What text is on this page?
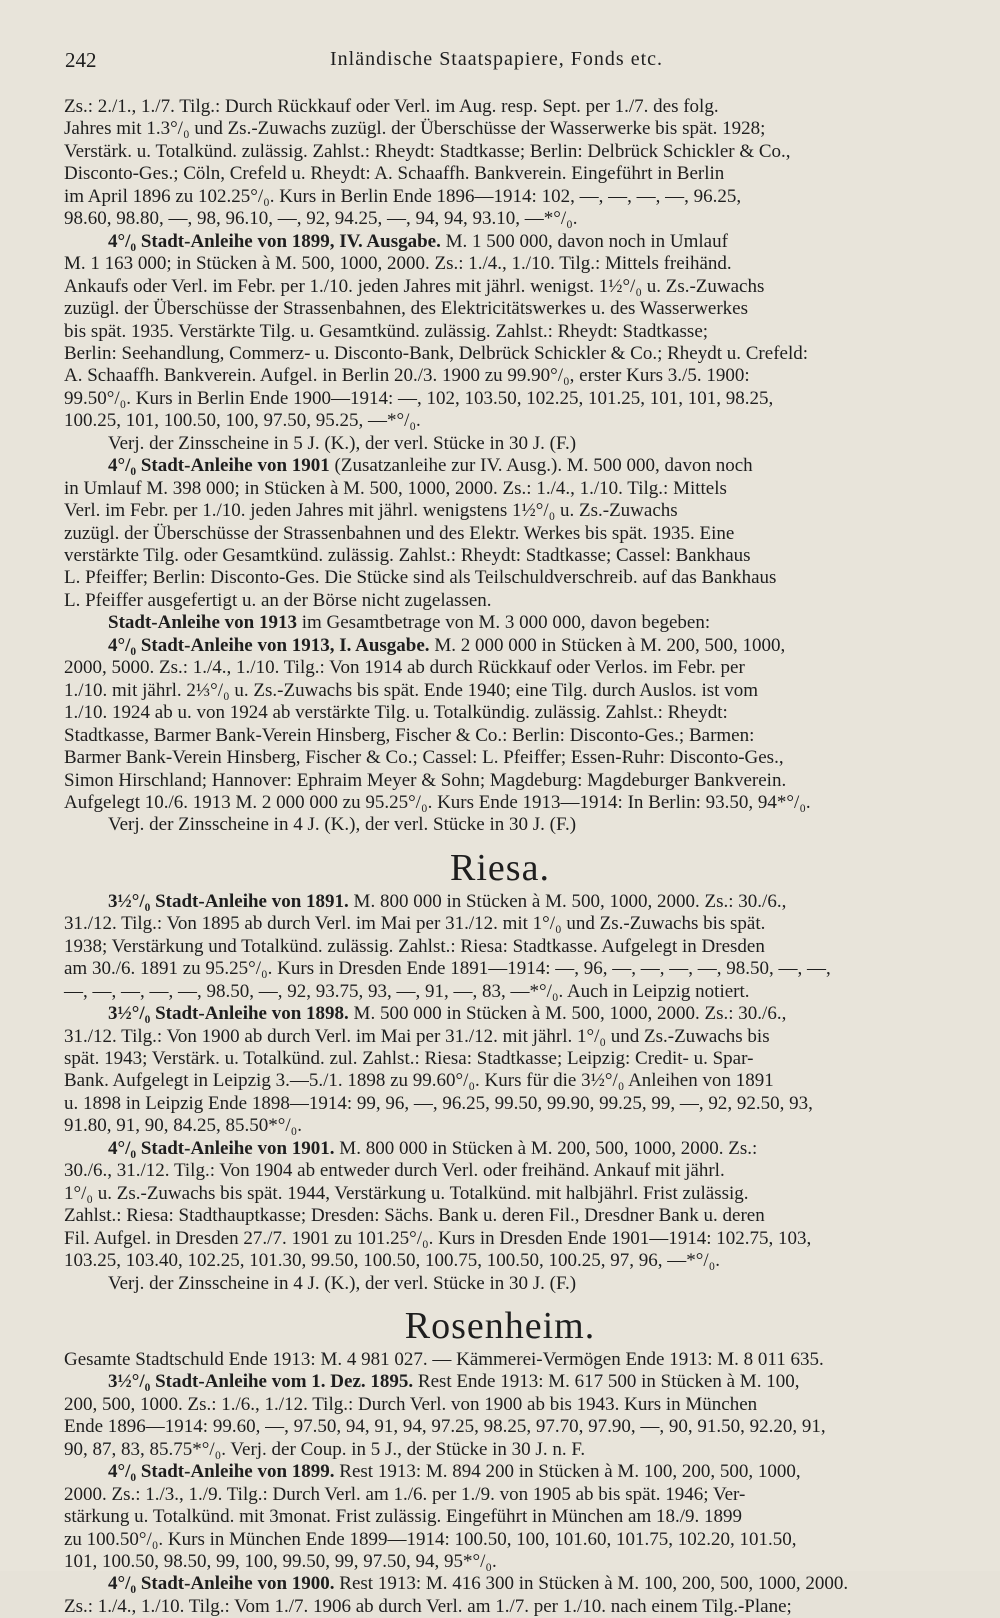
242	Inländische Staatspapiere, Fonds etc.
Zs.: 2./1., 1./7. Tilg.: Durch Rückkauf oder Verl. im Aug. resp. Sept. per 1./7. des folg.
Jahres mit 1.3°/₀ und Zs.-Zuwachs zuzügl. der Überschüsse der Wasserwerke bis spät. 1928;
Verstärk. u. Totalkünd. zulässig. Zahlst.: Rheydt: Stadtkasse; Berlin: Delbrück Schickler & Co.,
Disconto-Ges.; Cöln, Crefeld u. Rheydt: A. Schaaffh. Bankverein. Eingeführt in Berlin
im April 1896 zu 102.25°/₀. Kurs in Berlin Ende 1896—1914: 102, —, —, —, —, 96.25,
98.60, 98.80, —, 98, 96.10, —, 92, 94.25, —, 94, 94, 93.10, —*°/₀.
4°/₀ Stadt-Anleihe von 1899, IV. Ausgabe. M. 1 500 000, davon noch in Umlauf
M. 1 163 000; in Stücken à M. 500, 1000, 2000. Zs.: 1./4., 1./10. Tilg.: Mittels freihänd.
Ankaufs oder Verl. im Febr. per 1./10. jeden Jahres mit jährl. wenigst. 1½°/₀ u. Zs.-Zuwachs
zuzügl. der Überschüsse der Strassenbahnen, des Elektricitätswerkes u. des Wasserwerkes
bis spät. 1935. Verstärkte Tilg. u. Gesamtkünd. zulässig. Zahlst.: Rheydt: Stadtkasse;
Berlin: Seehandlung, Commerz- u. Disconto-Bank, Delbrück Schickler & Co.; Rheydt u. Crefeld:
A. Schaaffh. Bankverein. Aufgel. in Berlin 20./3. 1900 zu 99.90°/₀, erster Kurs 3./5. 1900:
99.50°/₀. Kurs in Berlin Ende 1900—1914: —, 102, 103.50, 102.25, 101.25, 101, 101, 98.25,
100.25, 101, 100.50, 100, 97.50, 95.25, —*°/₀.
Verj. der Zinsscheine in 5 J. (K.), der verl. Stücke in 30 J. (F.)
4°/₀ Stadt-Anleihe von 1901 (Zusatzanleihe zur IV. Ausg.). M. 500 000, davon noch
in Umlauf M. 398 000; in Stücken à M. 500, 1000, 2000. Zs.: 1./4., 1./10. Tilg.: Mittels
Verl. im Febr. per 1./10. jeden Jahres mit jährl. wenigstens 1½°/₀ u. Zs.-Zuwachs
zuzügl. der Überschüsse der Strassenbahnen und des Elektr. Werkes bis spät. 1935. Eine
verstärkte Tilg. oder Gesamtkünd. zulässig. Zahlst.: Rheydt: Stadtkasse; Cassel: Bankhaus
L. Pfeiffer; Berlin: Disconto-Ges. Die Stücke sind als Teilschuldverschreib. auf das Bankhaus
L. Pfeiffer ausgefertigt u. an der Börse nicht zugelassen.
Stadt-Anleihe von 1913 im Gesamtbetrage von M. 3 000 000, davon begeben:
4°/₀ Stadt-Anleihe von 1913, I. Ausgabe. M. 2 000 000 in Stücken à M. 200, 500, 1000,
2000, 5000. Zs.: 1./4., 1./10. Tilg.: Von 1914 ab durch Rückkauf oder Verlos. im Febr. per
1./10. mit jährl. 2⅓°/₀ u. Zs.-Zuwachs bis spät. Ende 1940; eine Tilg. durch Auslos. ist vom
1./10. 1924 ab u. von 1924 ab verstärkte Tilg. u. Totalkündig. zulässig. Zahlst.: Rheydt:
Stadtkasse, Barmer Bank-Verein Hinsberg, Fischer & Co.: Berlin: Disconto-Ges.; Barmen:
Barmer Bank-Verein Hinsberg, Fischer & Co.; Cassel: L. Pfeiffer; Essen-Ruhr: Disconto-Ges.,
Simon Hirschland; Hannover: Ephraim Meyer & Sohn; Magdeburg: Magdeburger Bankverein.
Aufgelegt 10./6. 1913 M. 2 000 000 zu 95.25°/₀. Kurs Ende 1913—1914: In Berlin: 93.50, 94*°/₀.
Verj. der Zinsscheine in 4 J. (K.), der verl. Stücke in 30 J. (F.)
Riesa.
3½°/₀ Stadt-Anleihe von 1891. M. 800 000 in Stücken à M. 500, 1000, 2000. Zs.: 30./6.,
31./12. Tilg.: Von 1895 ab durch Verl. im Mai per 31./12. mit 1°/₀ und Zs.-Zuwachs bis spät.
1938; Verstärkung und Totalkünd. zulässig. Zahlst.: Riesa: Stadtkasse. Aufgelegt in Dresden
am 30./6. 1891 zu 95.25°/₀. Kurs in Dresden Ende 1891—1914: —, 96, —, —, —, —, 98.50, —, —,
—, —, —, —, —, 98.50, —, 92, 93.75, 93, —, 91, —, 83, —*°/₀. Auch in Leipzig notiert.
3½°/₀ Stadt-Anleihe von 1898. M. 500 000 in Stücken à M. 500, 1000, 2000. Zs.: 30./6.,
31./12. Tilg.: Von 1900 ab durch Verl. im Mai per 31./12. mit jährl. 1°/₀ und Zs.-Zuwachs bis
spät. 1943; Verstärk. u. Totalkünd. zul. Zahlst.: Riesa: Stadtkasse; Leipzig: Credit- u. Spar-
Bank. Aufgelegt in Leipzig 3.—5./1. 1898 zu 99.60°/₀. Kurs für die 3½°/₀ Anleihen von 1891
u. 1898 in Leipzig Ende 1898—1914: 99, 96, —, 96.25, 99.50, 99.90, 99.25, 99, —, 92, 92.50, 93,
91.80, 91, 90, 84.25, 85.50*°/₀.
4°/₀ Stadt-Anleihe von 1901. M. 800 000 in Stücken à M. 200, 500, 1000, 2000. Zs.:
30./6., 31./12. Tilg.: Von 1904 ab entweder durch Verl. oder freihänd. Ankauf mit jährl.
1°/₀ u. Zs.-Zuwachs bis spät. 1944, Verstärkung u. Totalkünd. mit halbjährl. Frist zulässig.
Zahlst.: Riesa: Stadthauptkasse; Dresden: Sächs. Bank u. deren Fil., Dresdner Bank u. deren
Fil. Aufgel. in Dresden 27./7. 1901 zu 101.25°/₀. Kurs in Dresden Ende 1901—1914: 102.75, 103,
103.25, 103.40, 102.25, 101.30, 99.50, 100.50, 100.75, 100.50, 100.25, 97, 96, —*°/₀.
Verj. der Zinsscheine in 4 J. (K.), der verl. Stücke in 30 J. (F.)
Rosenheim.
Gesamte Stadtschuld Ende 1913: M. 4 981 027. — Kämmerei-Vermögen Ende 1913: M. 8 011 635.
3½°/₀ Stadt-Anleihe vom 1. Dez. 1895. Rest Ende 1913: M. 617 500 in Stücken à M. 100,
200, 500, 1000. Zs.: 1./6., 1./12. Tilg.: Durch Verl. von 1900 ab bis 1943. Kurs in München
Ende 1896—1914: 99.60, —, 97.50, 94, 91, 94, 97.25, 98.25, 97.70, 97.90, —, 90, 91.50, 92.20, 91,
90, 87, 83, 85.75*°/₀. Verj. der Coup. in 5 J., der Stücke in 30 J. n. F.
4°/₀ Stadt-Anleihe von 1899. Rest 1913: M. 894 200 in Stücken à M. 100, 200, 500, 1000,
2000. Zs.: 1./3., 1./9. Tilg.: Durch Verl. am 1./6. per 1./9. von 1905 ab bis spät. 1946; Ver-
stärkung u. Totalkünd. mit 3monat. Frist zulässig. Eingeführt in München am 18./9. 1899
zu 100.50°/₀. Kurs in München Ende 1899—1914: 100.50, 100, 101.60, 101.75, 102.20, 101.50,
101, 100.50, 98.50, 99, 100, 99.50, 99, 97.50, 94, 95*°/₀.
4°/₀ Stadt-Anleihe von 1900. Rest 1913: M. 416 300 in Stücken à M. 100, 200, 500, 1000, 2000.
Zs.: 1./4., 1./10. Tilg.: Vom 1./7. 1906 ab durch Verl. am 1./7. per 1./10. nach einem Tilg.-Plane;
